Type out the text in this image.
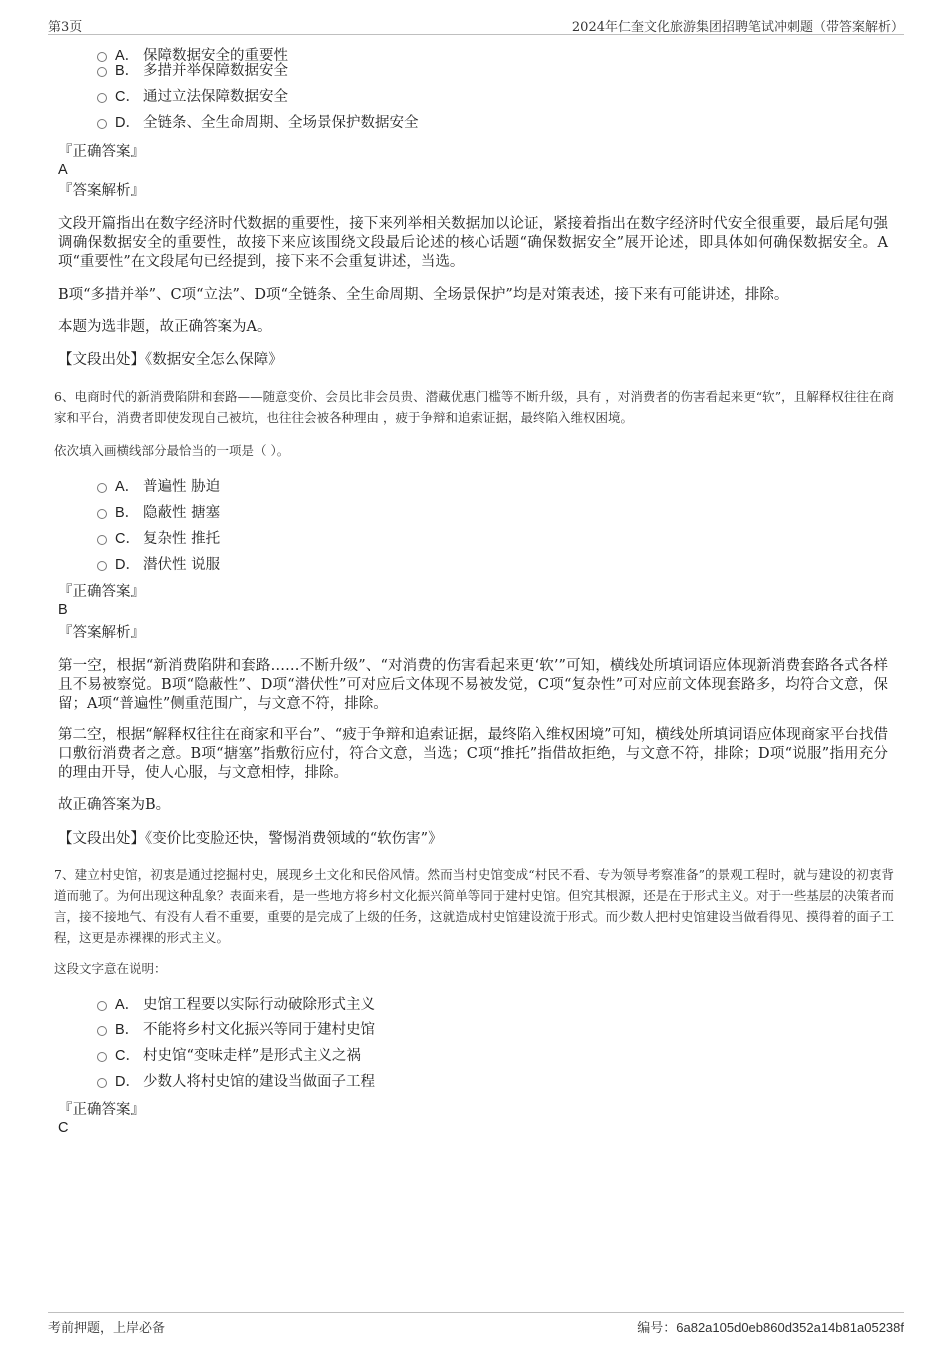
第3页	2024年仁奎文化旅游集团招聘笔试冲刺题（带答案解析）
A． 保障数据安全的重要性
B． 多措并举保障数据安全
C． 通过立法保障数据安全
D． 全链条、全生命周期、全场景保护数据安全
『正确答案』
A
『答案解析』
文段开篇指出在数字经济时代数据的重要性，接下来列举相关数据加以论证，紧接着指出在数字经济时代安全很重要，最后尾句强调确保数据安全的重要性，故接下来应该围绕文段最后论述的核心话题“确保数据安全”展开论述，即具体如何确保数据安全。A项“重要性”在文段尾句已经提到，接下来不会重复讲述，当选。
B项“多措并举”、C项“立法”、D项“全链条、全生命周期、全场景保护”均是对策表述，接下来有可能讲述，排除。
本题为选非题，故正确答案为A。
【文段出处】《数据安全怎么保障》
6、电商时代的新消费陷阱和套路——随意变价、会员比非会员贵、潜藏优惠门槛等不断升级，具有 ，对消费者的伤害看起来更“软”，且解释权往往在商家和平台，消费者即使发现自己被坑，也往往会被各种理由 ，疲于争辩和追索证据，最终陷入维权困境。
依次填入画横线部分最恰当的一项是（ ）。
A． 普遍性 胁迫
B． 隐蔽性 搪塞
C． 复杂性 推托
D． 潜伏性 说服
『正确答案』
B
『答案解析』
第一空，根据“新消费陷阱和套路……不断升级”、“对消费的伤害看起来更‘软’”可知，横线处所填词语应体现新消费套路各式各样且不易被察觉。B项“隐蔽性”、D项“潜伏性”可对应后文体现不易被发觉，C项“复杂性”可对应前文体现套路多，均符合文意，保留；A项“普遍性”侧重范围广，与文意不符，排除。
第二空，根据“解释权往往在商家和平台”、“疲于争辩和追索证据，最终陷入维权困境”可知，横线处所填词语应体现商家平台找借口敷衍消费者之意。B项“搪塞”指敷衍应付，符合文意，当选；C项“推托”指借故拒绝，与文意不符，排除；D项“说服”指用充分的理由开导，使人心服，与文意相悖，排除。
故正确答案为B。
【文段出处】《变价比变脸还快，警惕消费领域的“软伤害”》
7、建立村史馆，初衷是通过挖掘村史，展现乡土文化和民俗风情。然而当村史馆变成“村民不看、专为领导考察准备”的景观工程时，就与建设的初衷背道而驰了。为何出现这种乱象？表面来看，是一些地方将乡村文化振兴简单等同于建村史馆。但究其根源，还是在于形式主义。对于一些基层的决策者而言，接不接地气、有没有人看不重要，重要的是完成了上级的任务，这就造成村史馆建设流于形式。而少数人把村史馆建设当做看得见、摸得着的面子工程，这更是赤裸裸的形式主义。
这段文字意在说明：
A． 史馆工程要以实际行动破除形式主义
B． 不能将乡村文化振兴等同于建村史馆
C． 村史馆“变味走样”是形式主义之祸
D． 少数人将村史馆的建设当做面子工程
『正确答案』
C
考前押题，上岸必备	编号：6a82a105d0eb860d352a14b81a05238f
